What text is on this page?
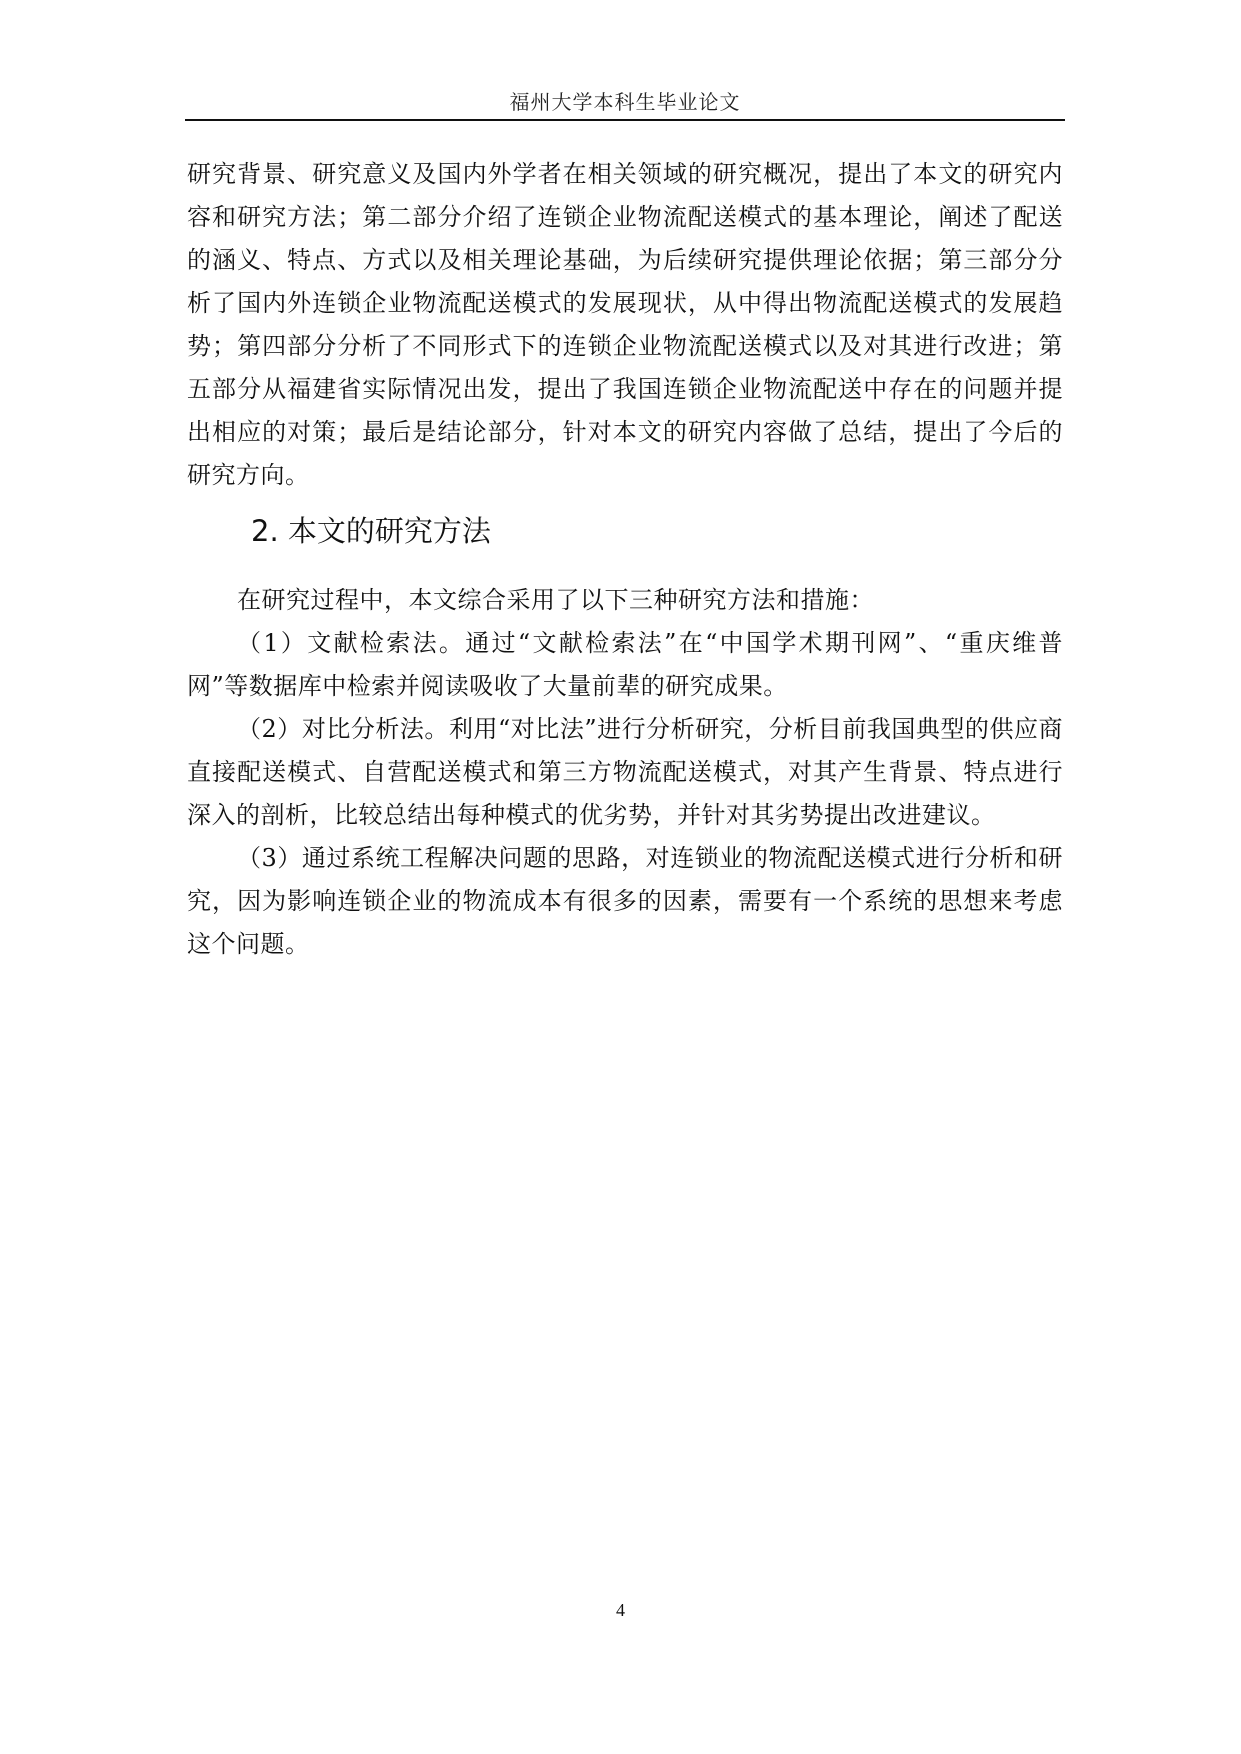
福州大学本科生毕业论文

研究背景、研究意义及国内外学者在相关领域的研究概况，提出了本文的研究内容和研究方法；第二部分介绍了连锁企业物流配送模式的基本理论，阐述了配送的涵义、特点、方式以及相关理论基础，为后续研究提供理论依据；第三部分分析了国内外连锁企业物流配送模式的发展现状，从中得出物流配送模式的发展趋势；第四部分分析了不同形式下的连锁企业物流配送模式以及对其进行改进；第五部分从福建省实际情况出发，提出了我国连锁企业物流配送中存在的问题并提出相应的对策；最后是结论部分，针对本文的研究内容做了总结，提出了今后的研究方向。

2. 本文的研究方法

在研究过程中，本文综合采用了以下三种研究方法和措施：

（1）文献检索法。通过“文献检索法”在“中国学术期刊网”、“重庆维普网”等数据库中检索并阅读吸收了大量前辈的研究成果。

（2）对比分析法。利用“对比法”进行分析研究，分析目前我国典型的供应商直接配送模式、自营配送模式和第三方物流配送模式，对其产生背景、特点进行深入的剖析，比较总结出每种模式的优劣势，并针对其劣势提出改进建议。

（3）通过系统工程解决问题的思路，对连锁业的物流配送模式进行分析和研究，因为影响连锁企业的物流成本有很多的因素，需要有一个系统的思想来考虑这个问题。

4
